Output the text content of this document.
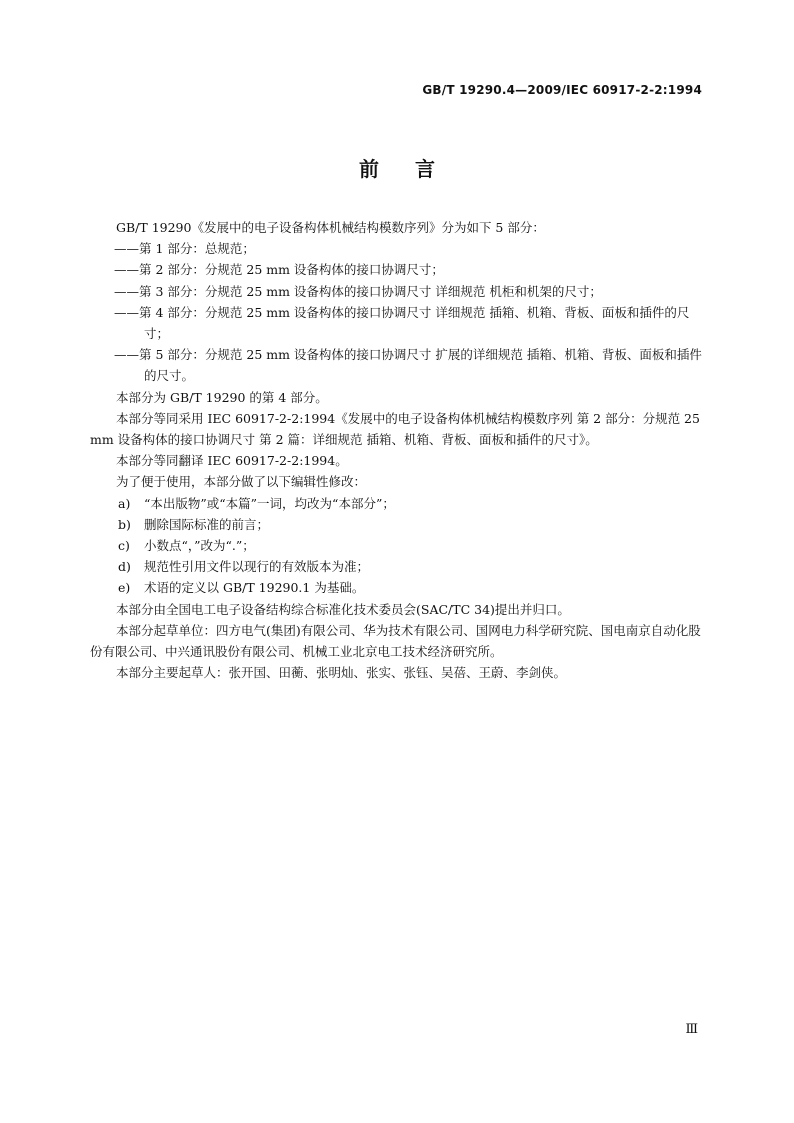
GB/T 19290.4—2009/IEC 60917-2-2:1994
前言

GB/T 19290《发展中的电子设备构体机械结构模数序列》分为如下 5 部分：

——第 1 部分：总规范；

——第 2 部分：分规范 25 mm 设备构体的接口协调尺寸；

——第 3 部分：分规范 25 mm 设备构体的接口协调尺寸 详细规范 机柜和机架的尺寸；

——第 4 部分：分规范 25 mm 设备构体的接口协调尺寸 详细规范 插箱、机箱、背板、面板和插件的尺寸；

——第 5 部分：分规范 25 mm 设备构体的接口协调尺寸 扩展的详细规范 插箱、机箱、背板、面板和插件的尺寸。

本部分为 GB/T 19290 的第 4 部分。

本部分等同采用 IEC 60917-2-2:1994《发展中的电子设备构体机械结构模数序列 第 2 部分：分规范 25 mm 设备构体的接口协调尺寸 第 2 篇：详细规范 插箱、机箱、背板、面板和插件的尺寸》。

本部分等同翻译 IEC 60917-2-2:1994。

为了便于使用，本部分做了以下编辑性修改：

a) “本出版物”或“本篇”一词，均改为“本部分”；

b) 删除国际标准的前言；

c) 小数点“，”改为“.”；

d) 规范性引用文件以现行的有效版本为准；

e) 术语的定义以 GB/T 19290.1 为基础。

本部分由全国电工电子设备结构综合标准化技术委员会(SAC/TC 34)提出并归口。

本部分起草单位：四方电气(集团)有限公司、华为技术有限公司、国网电力科学研究院、国电南京自动化股份有限公司、中兴通讯股份有限公司、机械工业北京电工技术经济研究所。

本部分主要起草人：张开国、田蘅、张明灿、张实、张钰、吴蓓、王蔚、李剑侠。

Ⅲ
